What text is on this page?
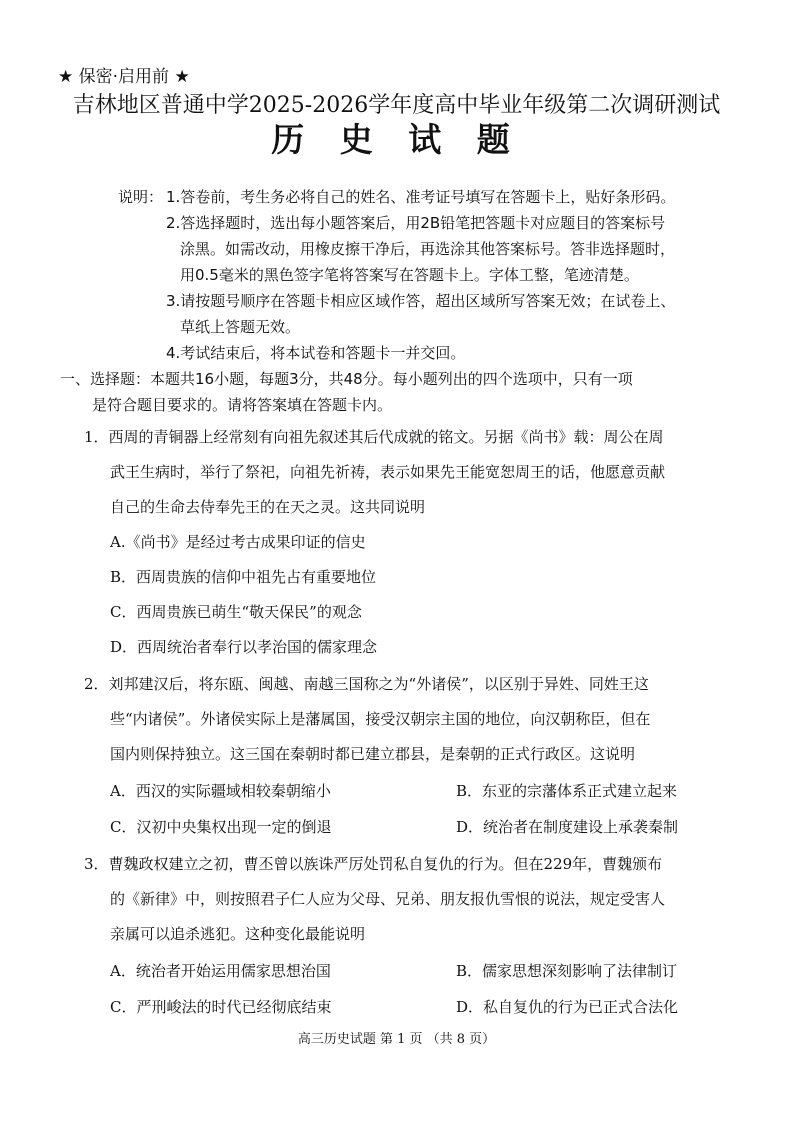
★ 保密·启用前 ★
吉林地区普通中学2025-2026学年度高中毕业年级第二次调研测试
历 史 试 题
说明： 1.答卷前，考生务必将自己的姓名、准考证号填写在答题卡上，贴好条形码。
2.答选择题时，选出每小题答案后，用2B铅笔把答题卡对应题目的答案标号
涂黑。如需改动，用橡皮擦干净后，再选涂其他答案标号。答非选择题时，
用0.5毫米的黑色签字笔将答案写在答题卡上。字体工整，笔迹清楚。
3.请按题号顺序在答题卡相应区域作答，超出区域所写答案无效；在试卷上、
草纸上答题无效。
4.考试结束后，将本试卷和答题卡一并交回。
一、选择题：本题共16小题，每题3分，共48分。每小题列出的四个选项中，只有一项
是符合题目要求的。请将答案填在答题卡内。
1．西周的青铜器上经常刻有向祖先叙述其后代成就的铭文。另据《尚书》载：周公在周
武王生病时，举行了祭祀，向祖先祈祷，表示如果先王能宽恕周王的话，他愿意贡献
自己的生命去侍奉先王的在天之灵。这共同说明
A.《尚书》是经过考古成果印证的信史
B．西周贵族的信仰中祖先占有重要地位
C．西周贵族已萌生“敬天保民”的观念
D．西周统治者奉行以孝治国的儒家理念
2．刘邦建汉后，将东瓯、闽越、南越三国称之为“外诸侯”，以区别于异姓、同姓王这
些“内诸侯”。外诸侯实际上是藩属国，接受汉朝宗主国的地位，向汉朝称臣，但在
国内则保持独立。这三国在秦朝时都已建立郡县，是秦朝的正式行政区。这说明
A．西汉的实际疆域相较秦朝缩小	B．东亚的宗藩体系正式建立起来
C．汉初中央集权出现一定的倒退	D．统治者在制度建设上承袭秦制
3．曹魏政权建立之初，曹丕曾以族诛严厉处罚私自复仇的行为。但在229年，曹魏颁布
的《新律》中，则按照君子仁人应为父母、兄弟、朋友报仇雪恨的说法，规定受害人
亲属可以追杀逃犯。这种变化最能说明
A．统治者开始运用儒家思想治国	B．儒家思想深刻影响了法律制订
C．严刑峻法的时代已经彻底结束	D．私自复仇的行为已正式合法化
高三历史试题 第 1 页 （共 8 页）
